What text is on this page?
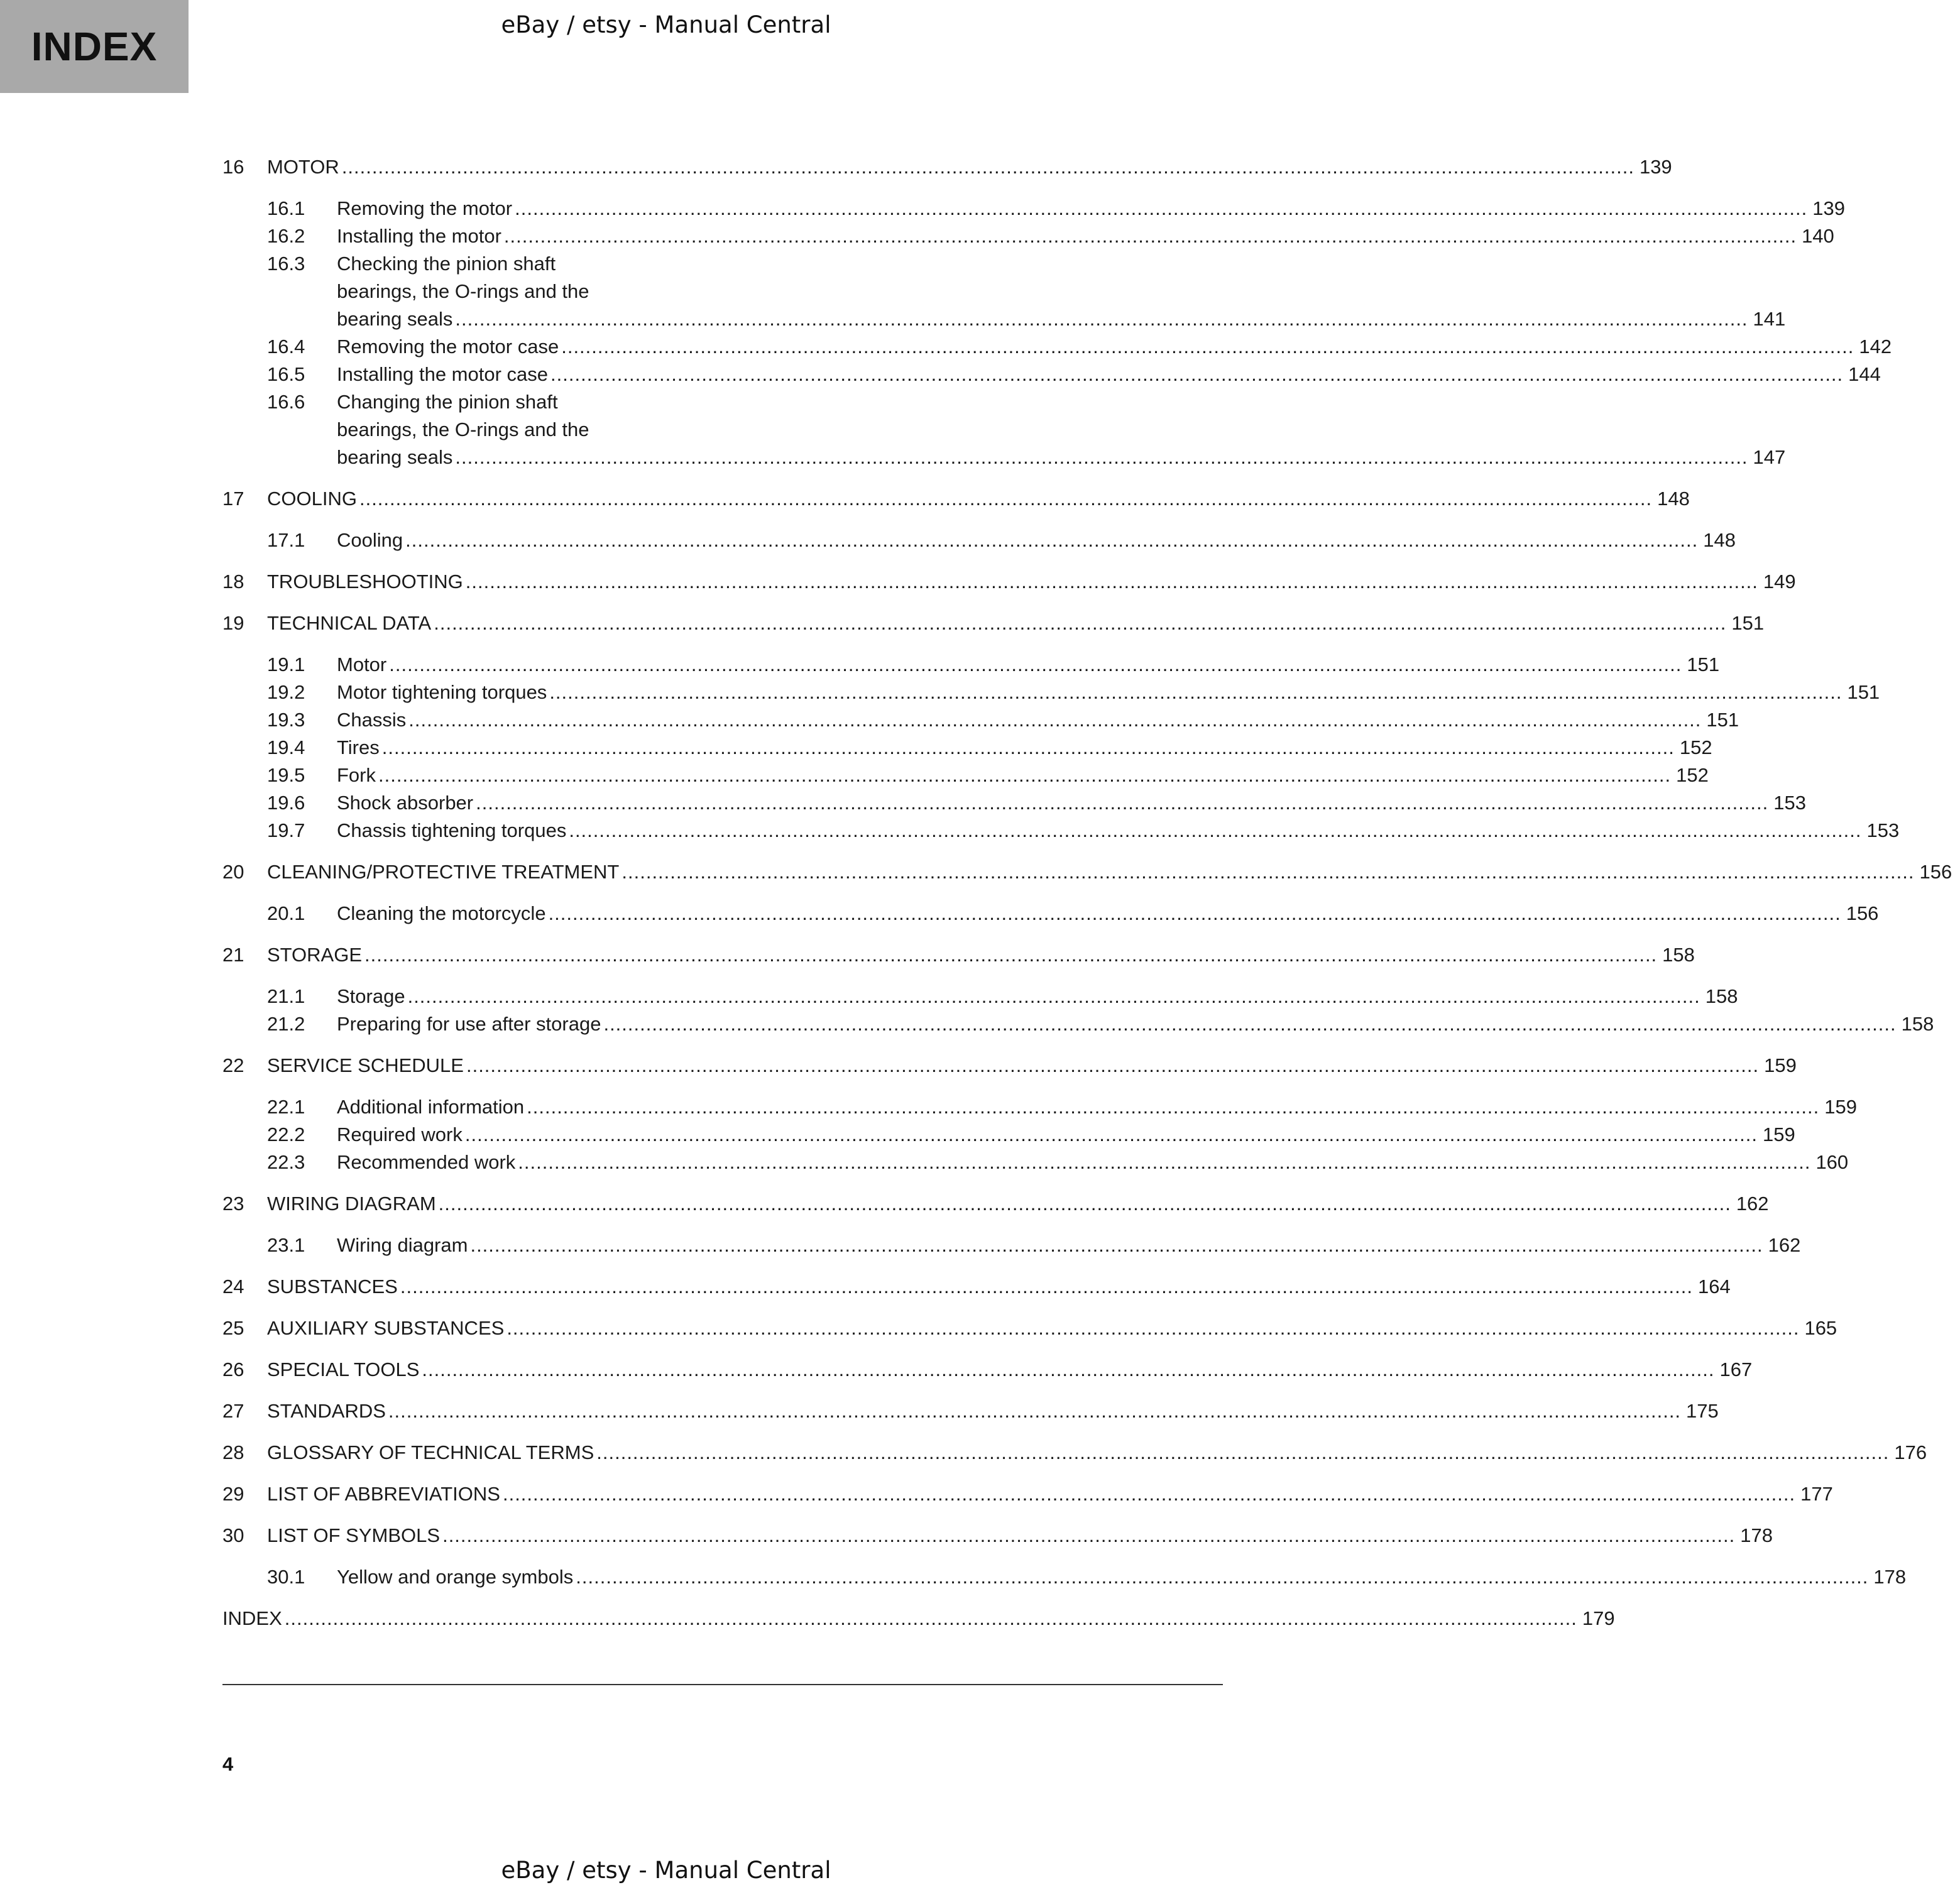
INDEX	eBay / etsy - Manual Central
16	MOTOR .....	139
16.1	Removing the motor .....	139
16.2	Installing the motor .....	140
16.3	Checking the pinion shaft
bearings, the O-rings and the
bearing seals .....	141
16.4	Removing the motor case .....	142
16.5	Installing the motor case .....	144
16.6	Changing the pinion shaft
bearings, the O-rings and the
bearing seals .....	147
17	COOLING .....	148
17.1	Cooling .....	148
18	TROUBLESHOOTING .....	149
19	TECHNICAL DATA .....	151
19.1	Motor .....	151
19.2	Motor tightening torques .....	151
19.3	Chassis .....	151
19.4	Tires .....	152
19.5	Fork .....	152
19.6	Shock absorber .....	153
19.7	Chassis tightening torques .....	153
20	CLEANING/PROTECTIVE TREATMENT .....	156
20.1	Cleaning the motorcycle .....	156
21	STORAGE .....	158
21.1	Storage .....	158
21.2	Preparing for use after storage .....	158
22	SERVICE SCHEDULE .....	159
22.1	Additional information .....	159
22.2	Required work .....	159
22.3	Recommended work .....	160
23	WIRING DIAGRAM .....	162
23.1	Wiring diagram .....	162
24	SUBSTANCES .....	164
25	AUXILIARY SUBSTANCES .....	165
26	SPECIAL TOOLS .....	167
27	STANDARDS .....	175
28	GLOSSARY OF TECHNICAL TERMS .....	176
29	LIST OF ABBREVIATIONS .....	177
30	LIST OF SYMBOLS .....	178
30.1	Yellow and orange symbols .....	178
INDEX .....	179
4
eBay / etsy - Manual Central
